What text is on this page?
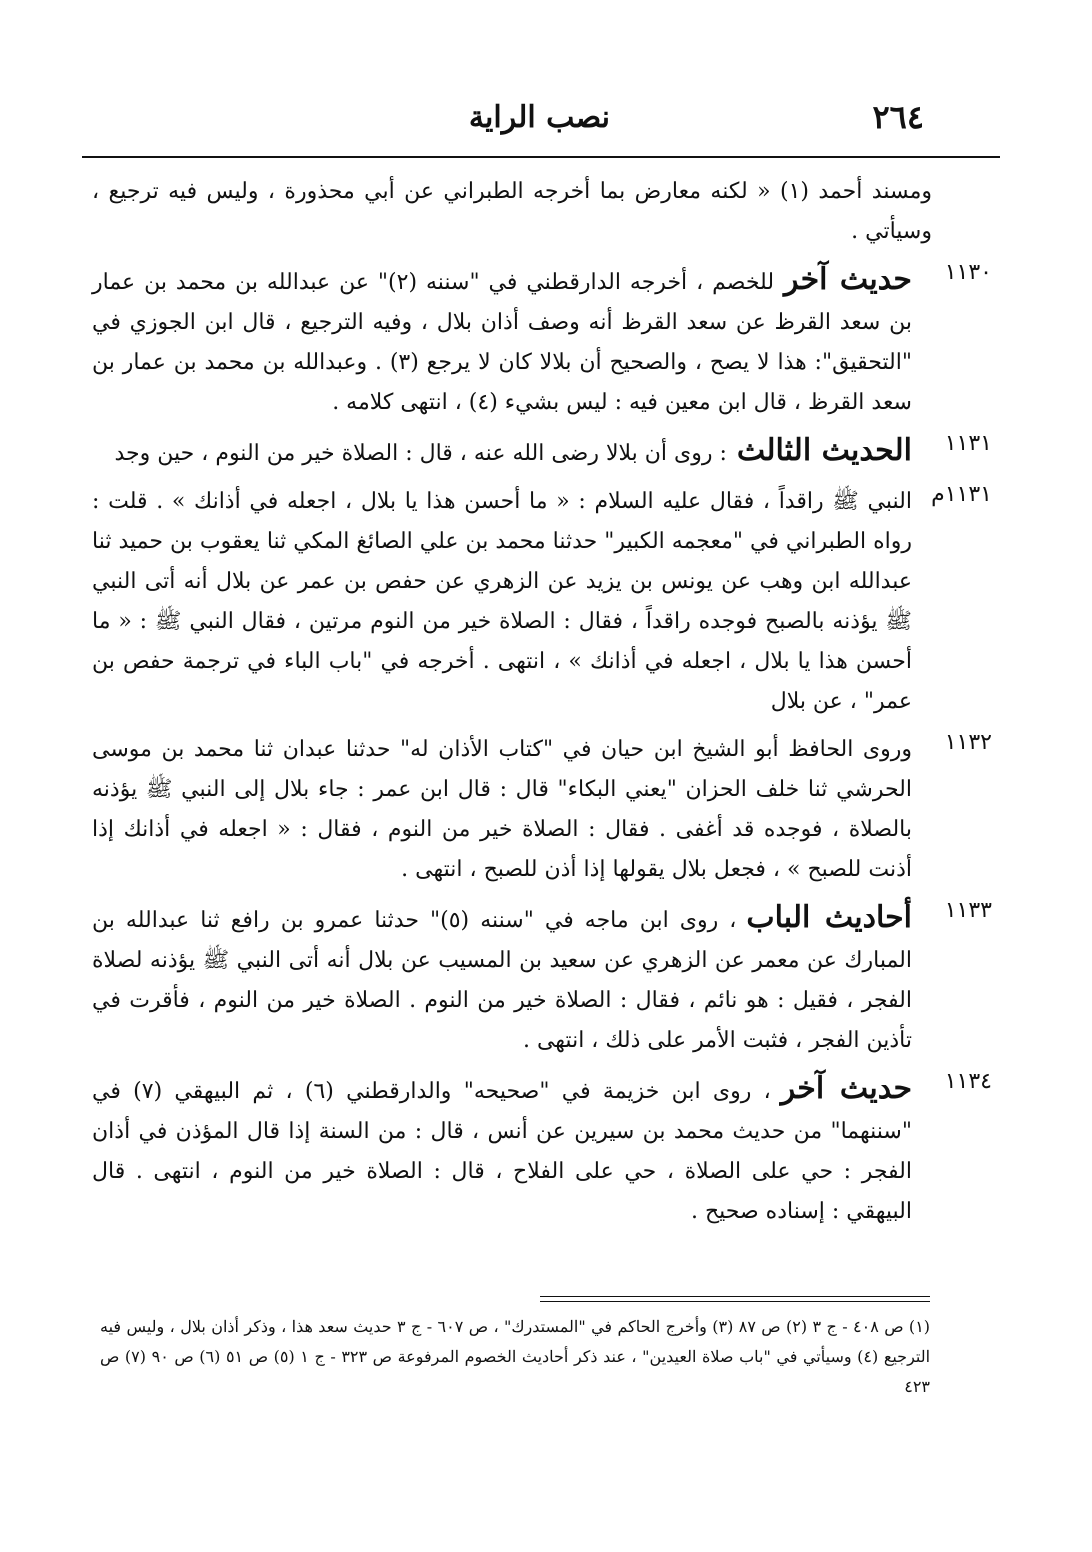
٢٦٤
نصب الراية
ومسند أحمد (١) « لكنه معارض بما أخرجه الطبراني عن أبي محذورة ، وليس فيه ترجيع ، وسيأتي .
١١٣٠
حديث آخرللخصم ، أخرجه الدارقطني في "سننه (٢)" عن عبدالله بن محمد بن عمار بن سعد القرظ عن سعد القرظ أنه وصف أذان بلال ، وفيه الترجيع ، قال ابن الجوزي في "التحقيق": هذا لا يصح ، والصحيح أن بلالا كان لا يرجع (٣) . وعبدالله بن محمد بن عمار بن سعد القرظ ، قال ابن معين فيه : ليس بشيء (٤) ، انتهى كلامه .
١١٣١
الحديث الثالث: روى أن بلالا رضى الله عنه ، قال : الصلاة خير من النوم ، حين وجد
١١٣١م
النبي ﷺ راقداً ، فقال عليه السلام : « ما أحسن هذا يا بلال ، اجعله في أذانك » . قلت : رواه الطبراني في "معجمه الكبير" حدثنا محمد بن علي الصائغ المكي ثنا يعقوب بن حميد ثنا عبدالله ابن وهب عن يونس بن يزيد عن الزهري عن حفص بن عمر عن بلال أنه أتى النبي ﷺ يؤذنه بالصبح فوجده راقداً ، فقال : الصلاة خير من النوم مرتين ، فقال النبي ﷺ : « ما أحسن هذا يا بلال ، اجعله في أذانك » ، انتهى . أخرجه في "باب الباء في ترجمة حفص بن عمر" ، عن بلال
١١٣٢
وروى الحافظ أبو الشيخ ابن حيان في "كتاب الأذان له" حدثنا عبدان ثنا محمد بن موسى الحرشي ثنا خلف الحزان "يعني البكاء" قال : قال ابن عمر : جاء بلال إلى النبي ﷺ يؤذنه بالصلاة ، فوجده قد أغفى . فقال : الصلاة خير من النوم ، فقال : « اجعله في أذانك إذا أذنت للصبح » ، فجعل بلال يقولها إذا أذن للصبح ، انتهى .
١١٣٣
أحاديث الباب، روى ابن ماجه في "سننه (٥)" حدثنا عمرو بن رافع ثنا عبدالله بن المبارك عن معمر عن الزهري عن سعيد بن المسيب عن بلال أنه أتى النبي ﷺ يؤذنه لصلاة الفجر ، فقيل : هو نائم ، فقال : الصلاة خير من النوم . الصلاة خير من النوم ، فأقرت في تأذين الفجر ، فثبت الأمر على ذلك ، انتهى .
١١٣٤
حديث آخر، روى ابن خزيمة في "صحيحه" والدارقطني (٦) ، ثم البيهقي (٧) في "سننهما" من حديث محمد بن سيرين عن أنس ، قال : من السنة إذا قال المؤذن في أذان الفجر : حي على الصلاة ، حي على الفلاح ، قال : الصلاة خير من النوم ، انتهى . قال البيهقي : إسناده صحيح .
(١) ص ٤٠٨ - ج ٣ (٢) ص ٨٧ (٣) وأخرج الحاكم في "المستدرك" ، ص ٦٠٧ - ج ٣ حديث سعد هذا ، وذكر أذان بلال ، وليس فيه الترجيع (٤) وسيأتي في "باب صلاة العيدين" ، عند ذكر أحاديث الخصوم المرفوعة ص ٣٢٣ - ج ١ (٥) ص ٥١ (٦) ص ٩٠ (٧) ص ٤٢٣
